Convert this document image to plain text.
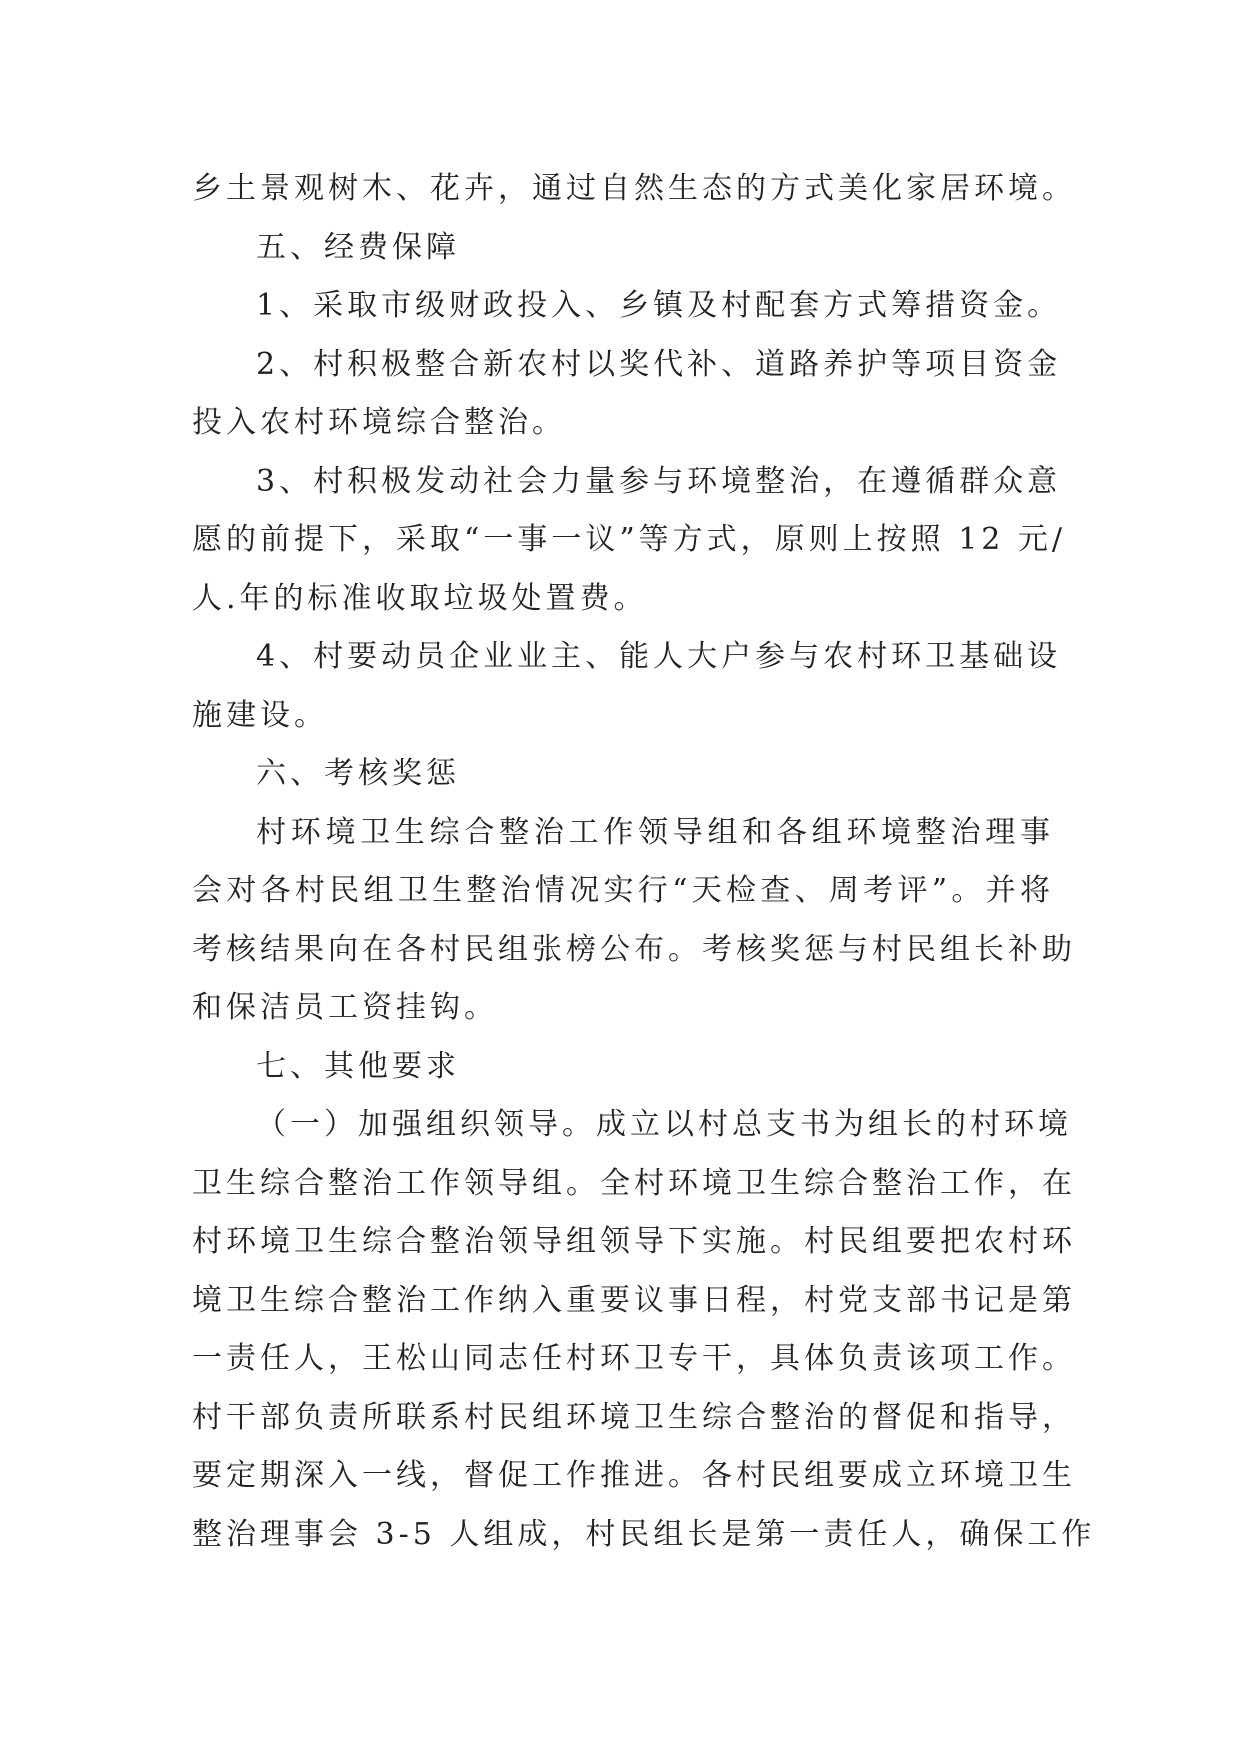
乡土景观树木、花卉，通过自然生态的方式美化家居环境。
五、经费保障
1、采取市级财政投入、乡镇及村配套方式筹措资金。
2、村积极整合新农村以奖代补、道路养护等项目资金
投入农村环境综合整治。
3、村积极发动社会力量参与环境整治，在遵循群众意
愿的前提下，采取“一事一议”等方式，原则上按照 12 元/
人.年的标准收取垃圾处置费。
4、村要动员企业业主、能人大户参与农村环卫基础设
施建设。
六、考核奖惩
村环境卫生综合整治工作领导组和各组环境整治理事
会对各村民组卫生整治情况实行“天检查、周考评”。并将
考核结果向在各村民组张榜公布。考核奖惩与村民组长补助
和保洁员工资挂钩。
七、其他要求
（一）加强组织领导。成立以村总支书为组长的村环境
卫生综合整治工作领导组。全村环境卫生综合整治工作，在
村环境卫生综合整治领导组领导下实施。村民组要把农村环
境卫生综合整治工作纳入重要议事日程，村党支部书记是第
一责任人，王松山同志任村环卫专干，具体负责该项工作。
村干部负责所联系村民组环境卫生综合整治的督促和指导，
要定期深入一线，督促工作推进。各村民组要成立环境卫生
整治理事会 3-5 人组成，村民组长是第一责任人，确保工作
